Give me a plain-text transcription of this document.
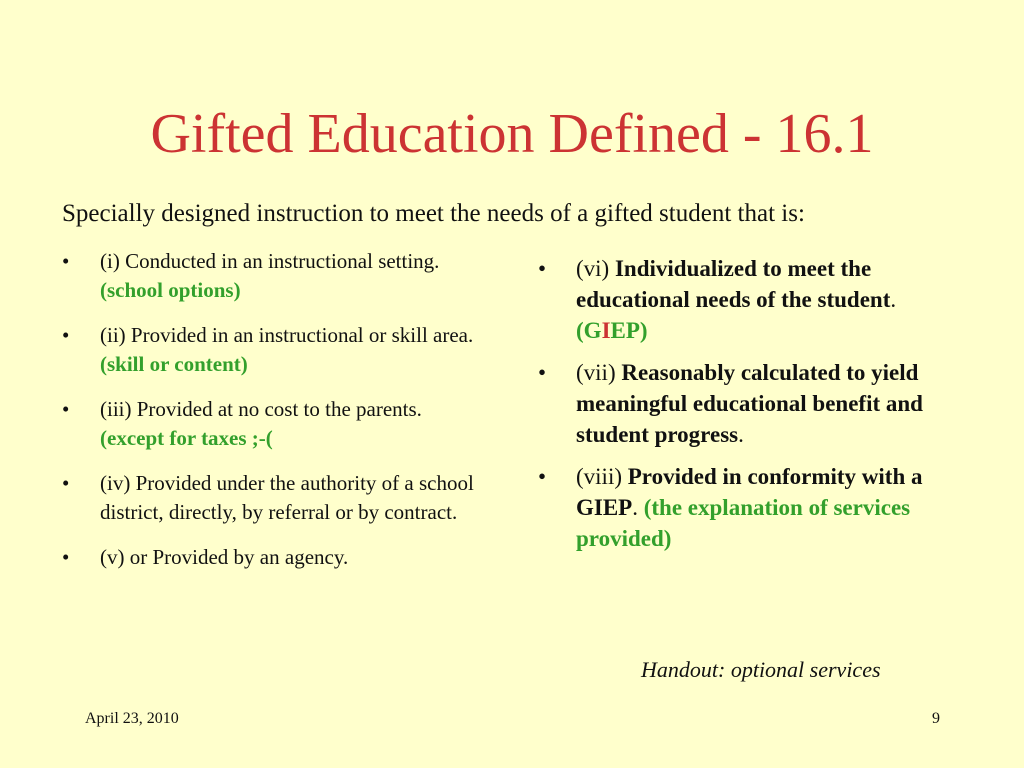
Gifted Education Defined - 16.1
Specially designed instruction to meet the needs of a gifted student that is:
• (i) Conducted in an instructional setting. (school options)
• (ii) Provided in an instructional or skill area. (skill or content)
• (iii) Provided at no cost to the parents. (except for taxes ;-(
• (iv) Provided under the authority of a school district, directly, by referral or by contract.
• (v) or Provided by an agency.
• (vi) Individualized to meet the educational needs of the student. (GIEP)
• (vii) Reasonably calculated to yield meaningful educational benefit and student progress.
• (viii) Provided in conformity with a GIEP. (the explanation of services provided)
Handout: optional services
April 23, 2010	9
